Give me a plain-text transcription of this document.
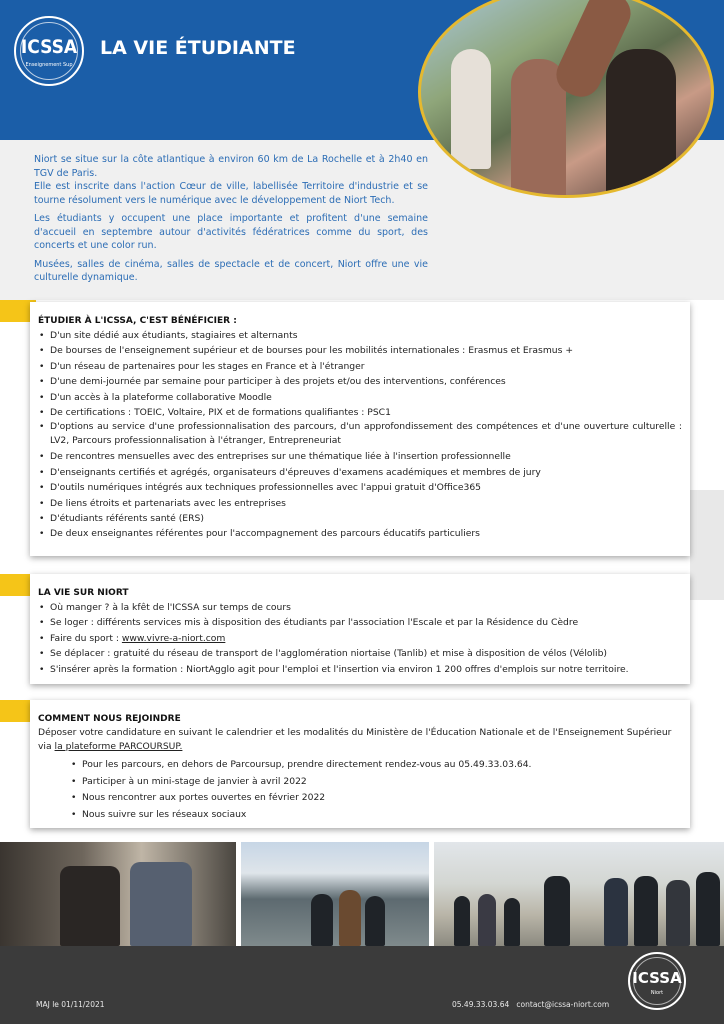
ICSSA
Enseignement Sup
LA VIE ÉTUDIANTE

Niort se situe sur la côte atlantique à environ 60 km de La Rochelle et à 2h40 en TGV de Paris.
Elle est inscrite dans l'action Cœur de ville, labellisée Territoire d'industrie et se tourne résolument vers le numérique avec le développement de Niort Tech.

Les étudiants y occupent une place importante et profitent d'une semaine d'accueil en septembre autour d'activités fédératrices comme du sport, des concerts et une color run.

Musées, salles de cinéma, salles de spectacle et de concert, Niort offre une vie culturelle dynamique.

ÉTUDIER À L'ICSSA, C'EST BÉNÉFICIER :
• D'un site dédié aux étudiants, stagiaires et alternants
• De bourses de l'enseignement supérieur et de bourses pour les mobilités internationales : Erasmus et Erasmus +
• D'un réseau de partenaires pour les stages en France et à l'étranger
• D'une demi-journée par semaine pour participer à des projets et/ou des interventions, conférences
• D'un accès à la plateforme collaborative Moodle
• De certifications : TOEIC, Voltaire, PIX et de formations qualifiantes : PSC1
• D'options au service d'une professionnalisation des parcours, d'un approfondissement des compétences et d'une ouverture culturelle : LV2, Parcours professionnalisation à l'étranger, Entrepreneuriat
• De rencontres mensuelles avec des entreprises sur une thématique liée à l'insertion professionnelle
• D'enseignants certifiés et agrégés, organisateurs d'épreuves d'examens académiques et membres de jury
• D'outils numériques intégrés aux techniques professionnelles avec l'appui gratuit d'Office365
• De liens étroits et partenariats avec les entreprises
• D'étudiants référents santé (ERS)
• De deux enseignantes référentes pour l'accompagnement des parcours éducatifs particuliers
LA VIE SUR NIORT
• Où manger ? à la kfêt de l'ICSSA sur temps de cours
• Se loger : différents services mis à disposition des étudiants par l'association l'Escale et par la Résidence du Cèdre
• Faire du sport : www.vivre-a-niort.com
• Se déplacer : gratuité du réseau de transport de l'agglomération niortaise (Tanlib) et mise à disposition de vélos (Vélolib)
• S'insérer après la formation : NiortAgglo agit pour l'emploi et l'insertion via environ 1 200 offres d'emplois sur notre territoire.
COMMENT NOUS REJOINDRE

Déposer votre candidature en suivant le calendrier et les modalités du Ministère de l'Éducation Nationale et de l'Enseignement Supérieur via la plateforme PARCOURSUP.

• Pour les parcours, en dehors de Parcoursup, prendre directement rendez-vous au 05.49.33.03.64.
• Participer à un mini-stage de janvier à avril 2022
• Nous rencontrer aux portes ouvertes en février 2022
• Nous suivre sur les réseaux sociaux
MAJ le 01/11/2021	05.49.33.03.64 contact@icssa-niort.com
ICSSA
Niort
